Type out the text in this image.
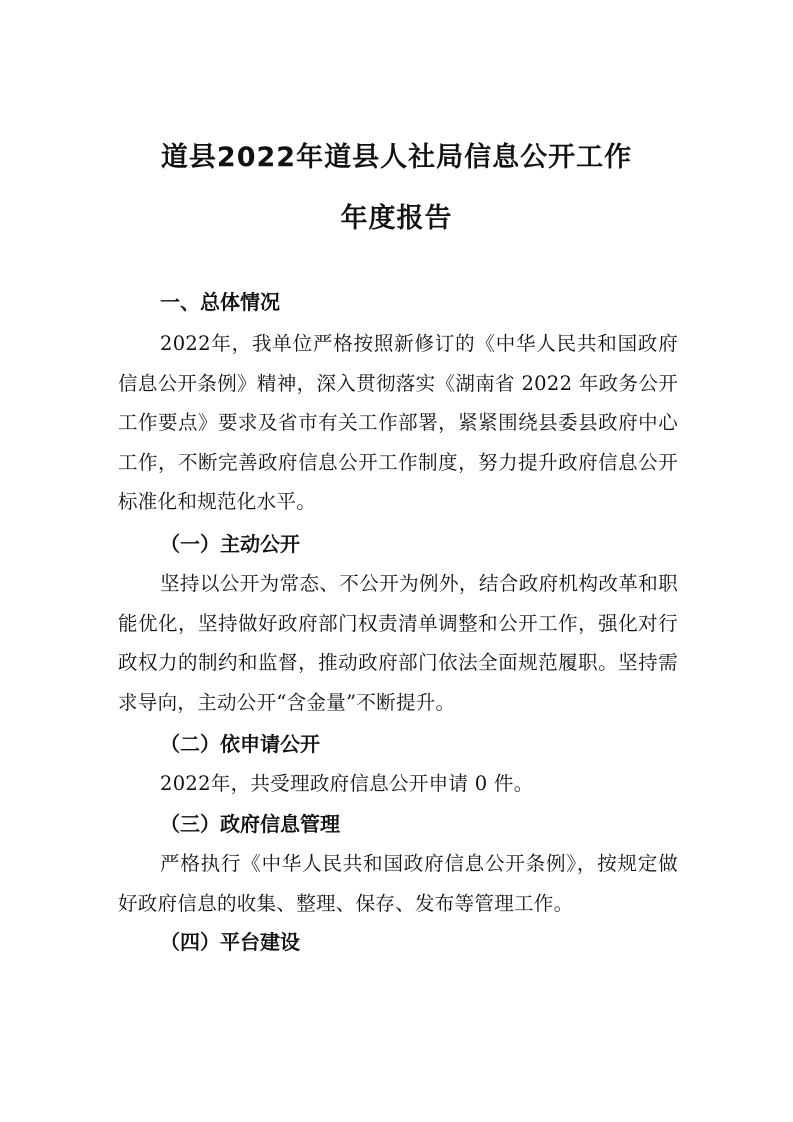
道县2022年道县人社局信息公开工作
年度报告
一、总体情况
2022年，我单位严格按照新修订的《中华人民共和国政府信息公开条例》精神，深入贯彻落实《湖南省 2022 年政务公开工作要点》要求及省市有关工作部署，紧紧围绕县委县政府中心工作，不断完善政府信息公开工作制度，努力提升政府信息公开标准化和规范化水平。
（一）主动公开
坚持以公开为常态、不公开为例外，结合政府机构改革和职能优化，坚持做好政府部门权责清单调整和公开工作，强化对行政权力的制约和监督，推动政府部门依法全面规范履职。坚持需求导向，主动公开“含金量”不断提升。
（二）依申请公开
2022年，共受理政府信息公开申请 0 件。
（三）政府信息管理
严格执行《中华人民共和国政府信息公开条例》，按规定做好政府信息的收集、整理、保存、发布等管理工作。
（四）平台建设
